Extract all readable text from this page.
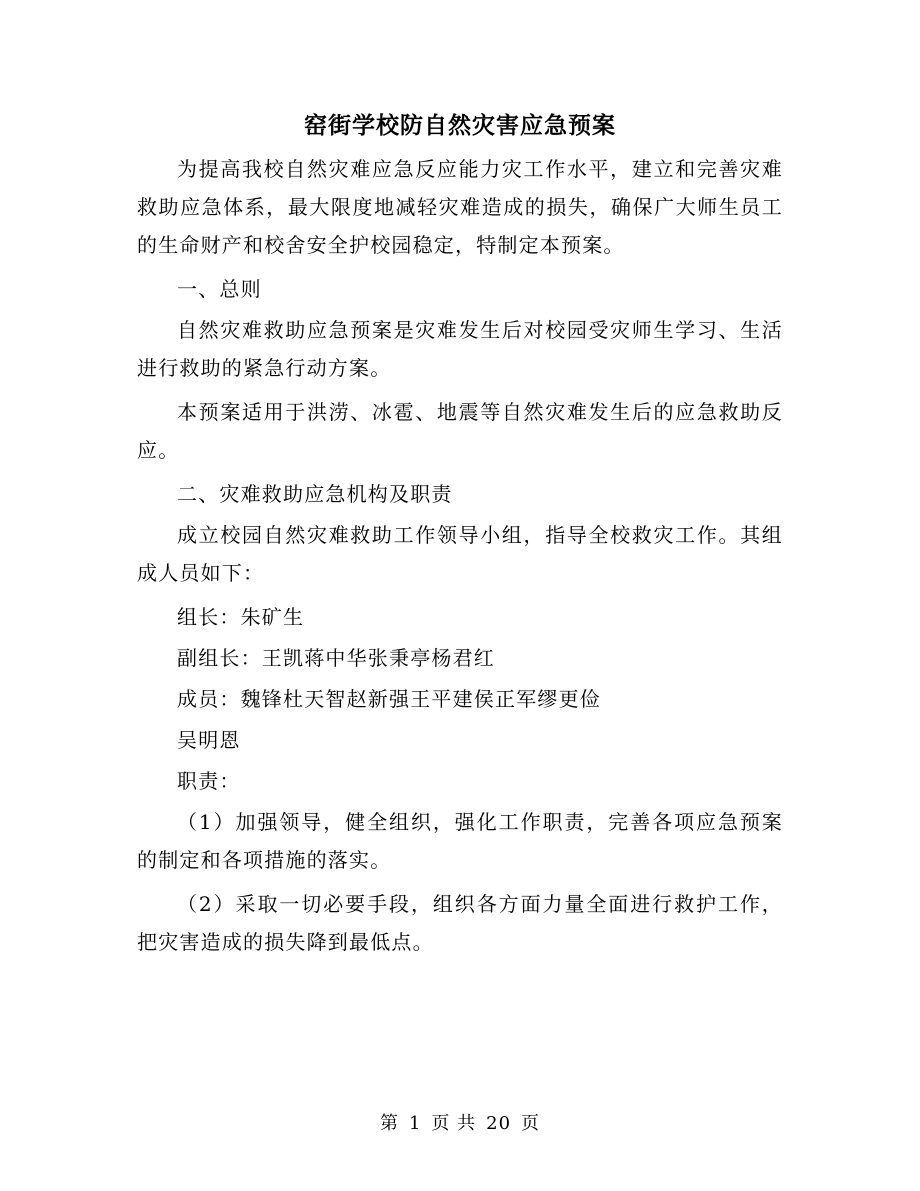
窑街学校防自然灾害应急预案

为提高我校自然灾难应急反应能力灾工作水平，建立和完善灾难救助应急体系，最大限度地减轻灾难造成的损失，确保广大师生员工的生命财产和校舍安全护校园稳定，特制定本预案。

一、总则

自然灾难救助应急预案是灾难发生后对校园受灾师生学习、生活进行救助的紧急行动方案。

本预案适用于洪涝、冰雹、地震等自然灾难发生后的应急救助反应。

二、灾难救助应急机构及职责

成立校园自然灾难救助工作领导小组，指导全校救灾工作。其组成人员如下：

组长：朱矿生

副组长：王凯蒋中华张秉亭杨君红

成员：魏锋杜天智赵新强王平建侯正军缪更俭

吴明恩

职责：

（1）加强领导，健全组织，强化工作职责，完善各项应急预案的制定和各项措施的落实。

（2）采取一切必要手段，组织各方面力量全面进行救护工作，把灾害造成的损失降到最低点。

第 1 页 共 20 页
